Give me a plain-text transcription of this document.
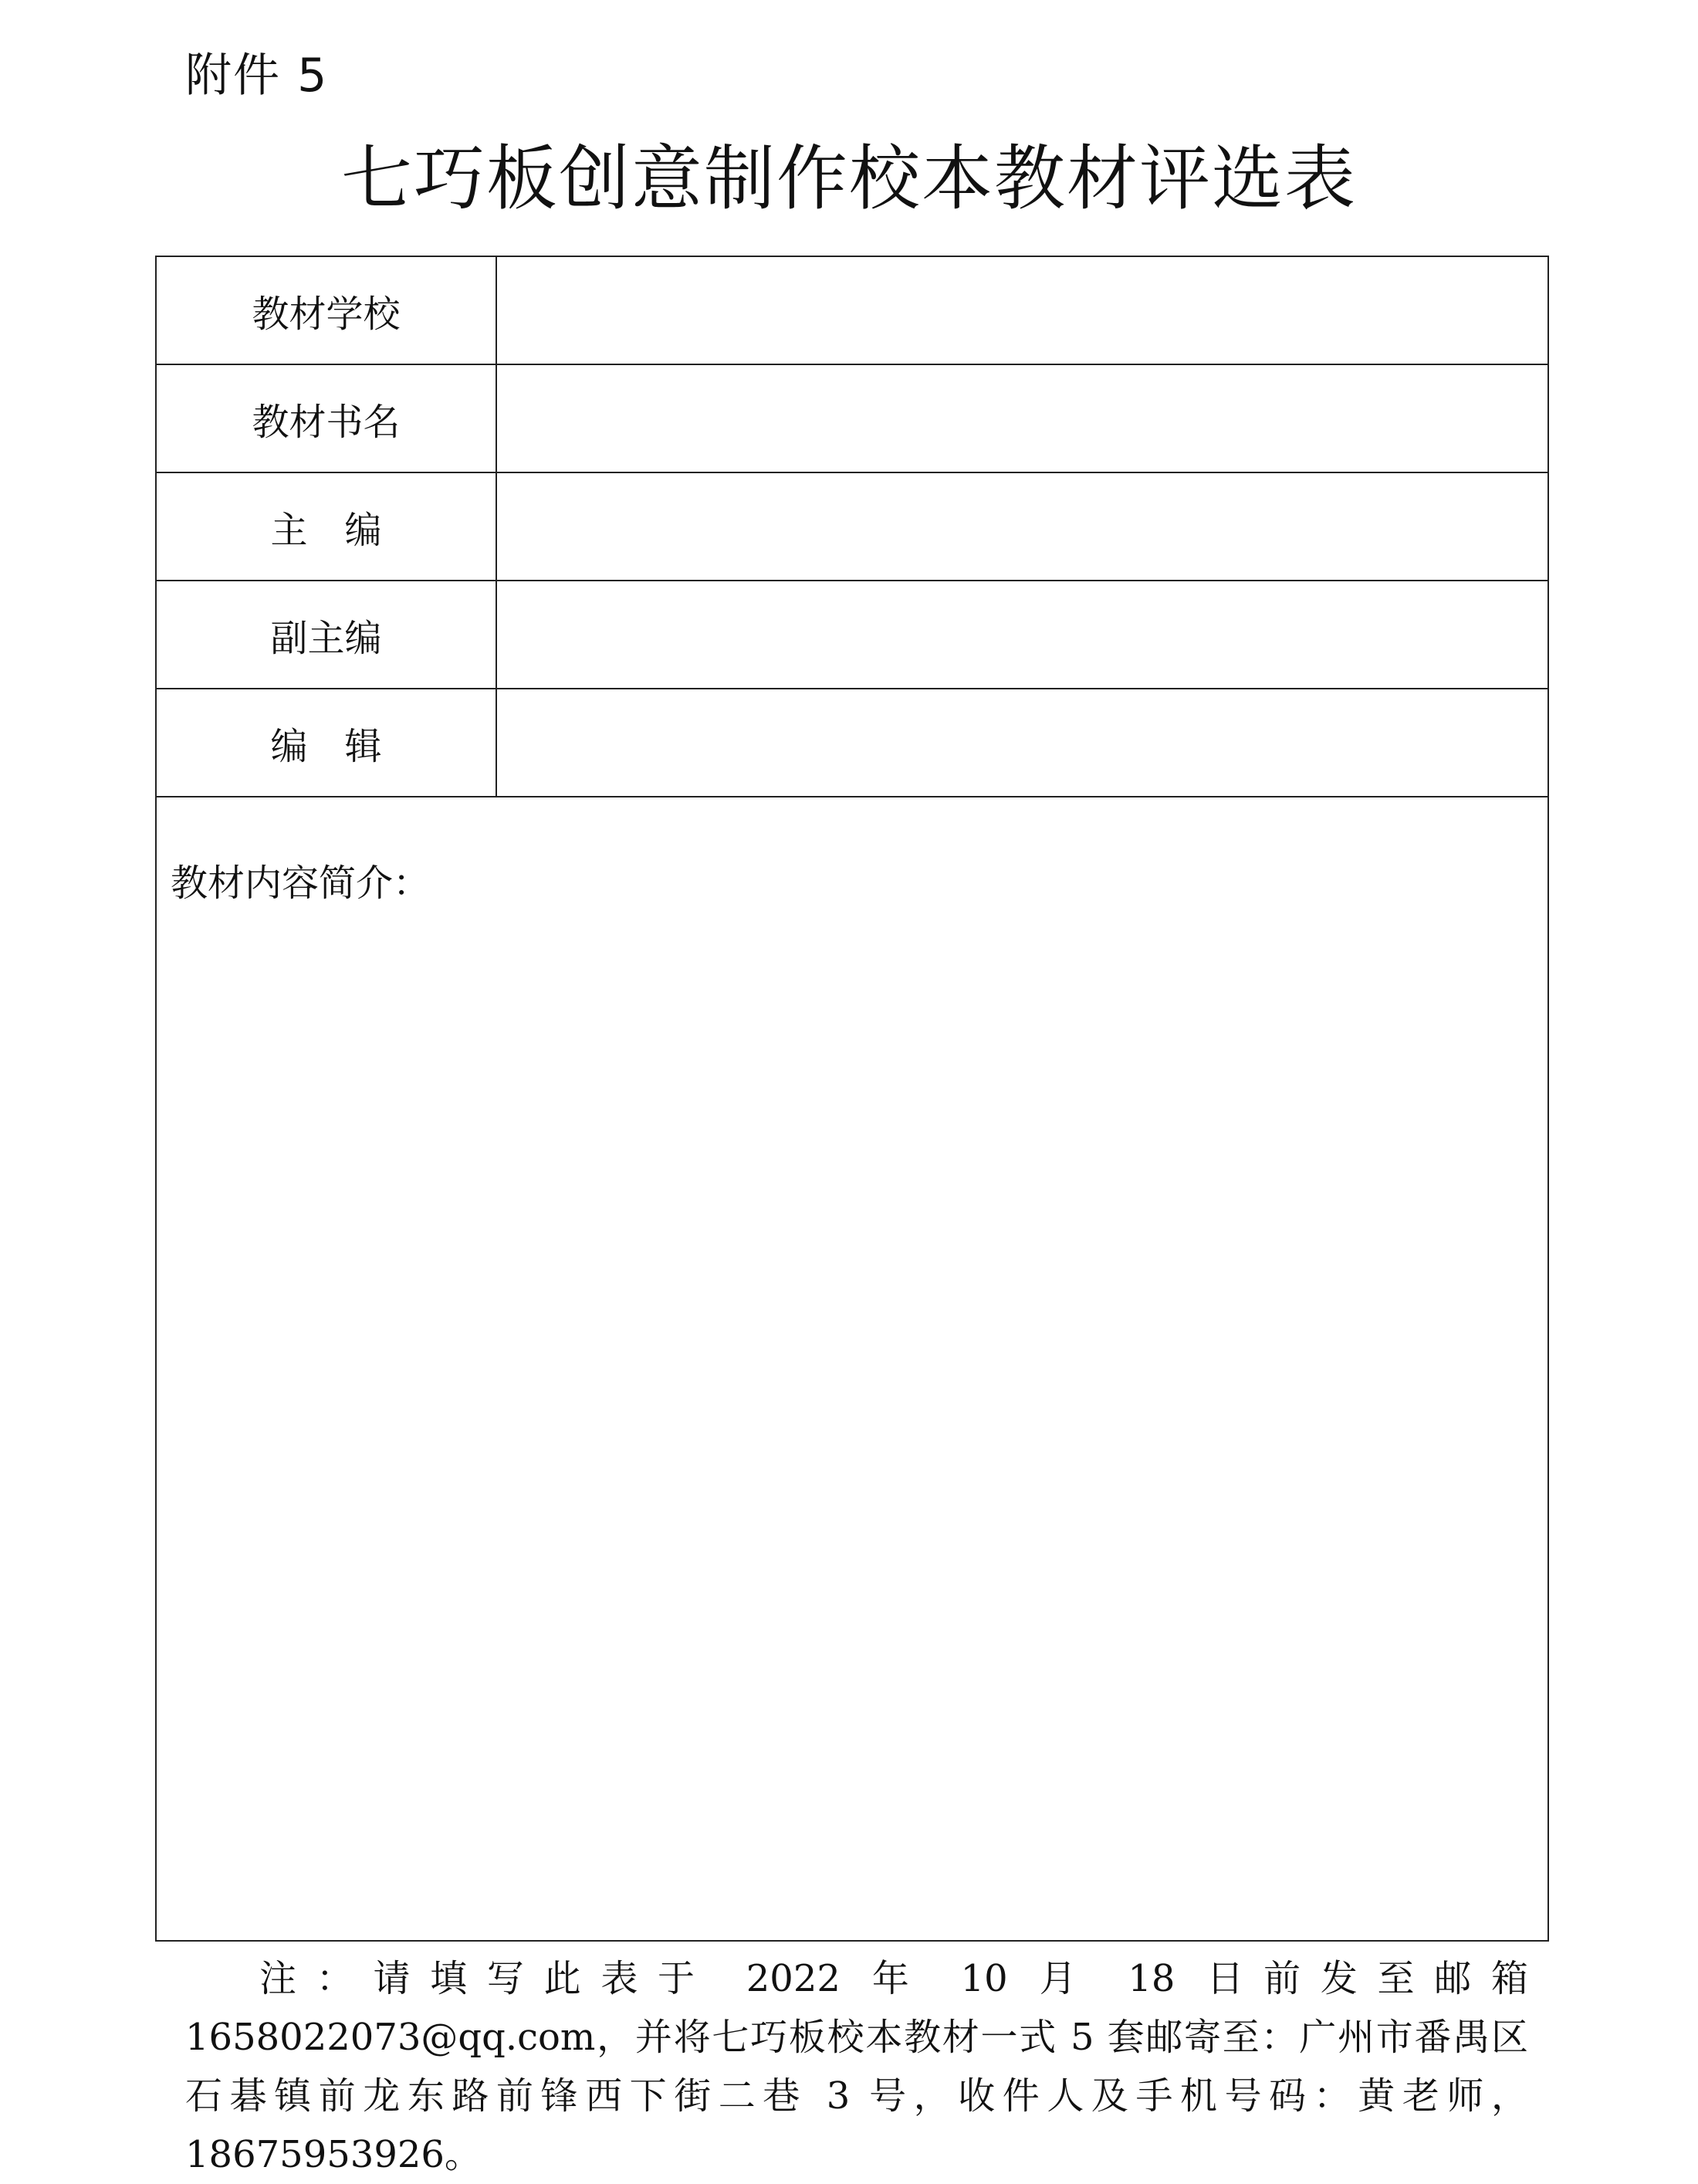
附件 5
七巧板创意制作校本教材评选表
教材学校	
教材书名	
主　编	
副主编	
编　辑	

教材内容简介：	
注：请填写此表于 2022 年 10 月 18 日前发至邮箱 1658022073@qq.com，并将七巧板校本教材一式 5 套邮寄至：广州市番禺区石碁镇前龙东路前锋西下街二巷 3 号，收件人及手机号码：黄老师，18675953926。
